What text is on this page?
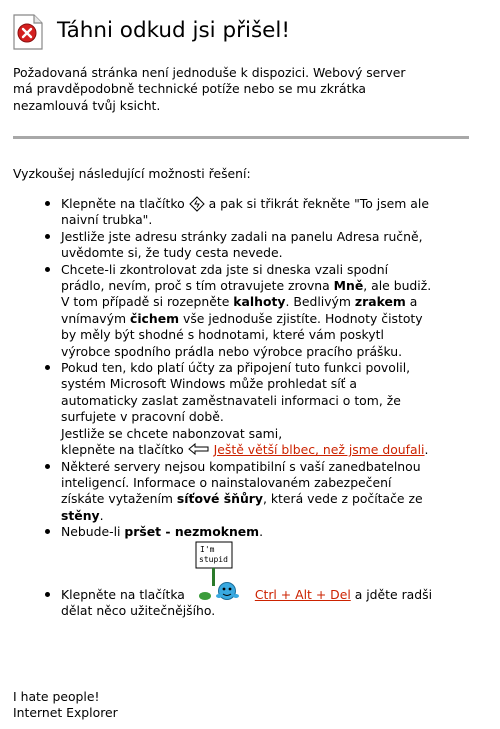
Táhni odkud jsi přišel!
Požadovaná stránka není jednoduše k dispozici. Webový server
má pravděpodobně technické potíže nebo se mu zkrátka
nezamlouvá tvůj ksicht.
Vyzkoušej následující možnosti řešení:
Klepněte na tlačítko a pak si třikrát řekněte "To jsem ale
naivní trubka".
Jestliže jste adresu stránky zadali na panelu Adresa ručně,
uvědomte si, že tudy cesta nevede.
Chcete-li zkontrolovat zda jste si dneska vzali spodní
prádlo, nevím, proč s tím otravujete zrovna Mně, ale budiž.
V tom případě si rozepněte kalhoty. Bedlivým zrakem a
vnímavým čichem vše jednoduše zjistíte. Hodnoty čistoty
by měly být shodné s hodnotami, které vám poskytl
výrobce spodního prádla nebo výrobce pracího prášku.
Pokud ten, kdo platí účty za připojení tuto funkci povolil,
systém Microsoft Windows může prohledat síť a
automaticky zaslat zaměstnavateli informaci o tom, že
surfujete v pracovní době.
Jestliže se chcete nabonzovat sami,
klepněte na tlačítko Ještě větší blbec, než jsme doufali.
Některé servery nejsou kompatibilní s vaší zanedbatelnou
inteligencí. Informace o nainstalovaném zabezpečení
získáte vytažením síťové šňůry, která vede z počítače ze
stěny.
Nebude-li pršet - nezmoknem.
Klepněte na tlačítka
I'm
stupid
Ctrl + Alt + Del a jděte radši
dělat něco užitečnějšího.
I hate people!
Internet Explorer
